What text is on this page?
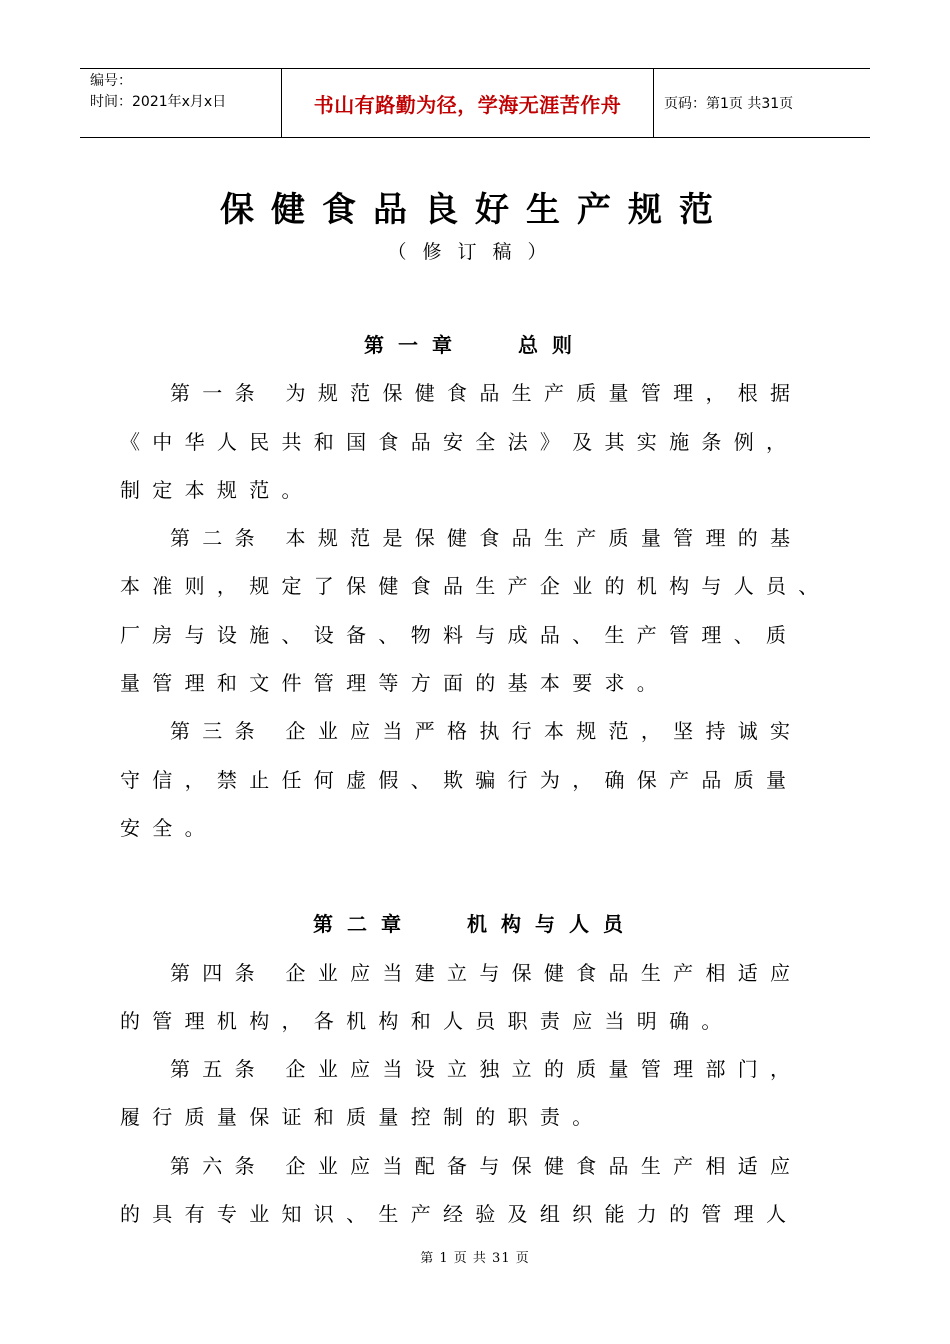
编号：
时间：2021年x月x日	书山有路勤为径，学海无涯苦作舟	页码：第1页 共31页
保健食品良好生产规范
（修订稿）
第一章	总则
第一条 为规范保健食品生产质量管理，根据
《中华人民共和国食品安全法》及其实施条例，
制定本规范。
第二条 本规范是保健食品生产质量管理的基
本准则，规定了保健食品生产企业的机构与人员、
厂房与设施、设备、物料与成品、生产管理、质
量管理和文件管理等方面的基本要求。
第三条 企业应当严格执行本规范，坚持诚实
守信，禁止任何虚假、欺骗行为，确保产品质量
安全。
第二章	机构与人员
第四条 企业应当建立与保健食品生产相适应
的管理机构，各机构和人员职责应当明确。
第五条 企业应当设立独立的质量管理部门，
履行质量保证和质量控制的职责。
第六条 企业应当配备与保健食品生产相适应
的具有专业知识、生产经验及组织能力的管理人
第 1 页 共 31 页
